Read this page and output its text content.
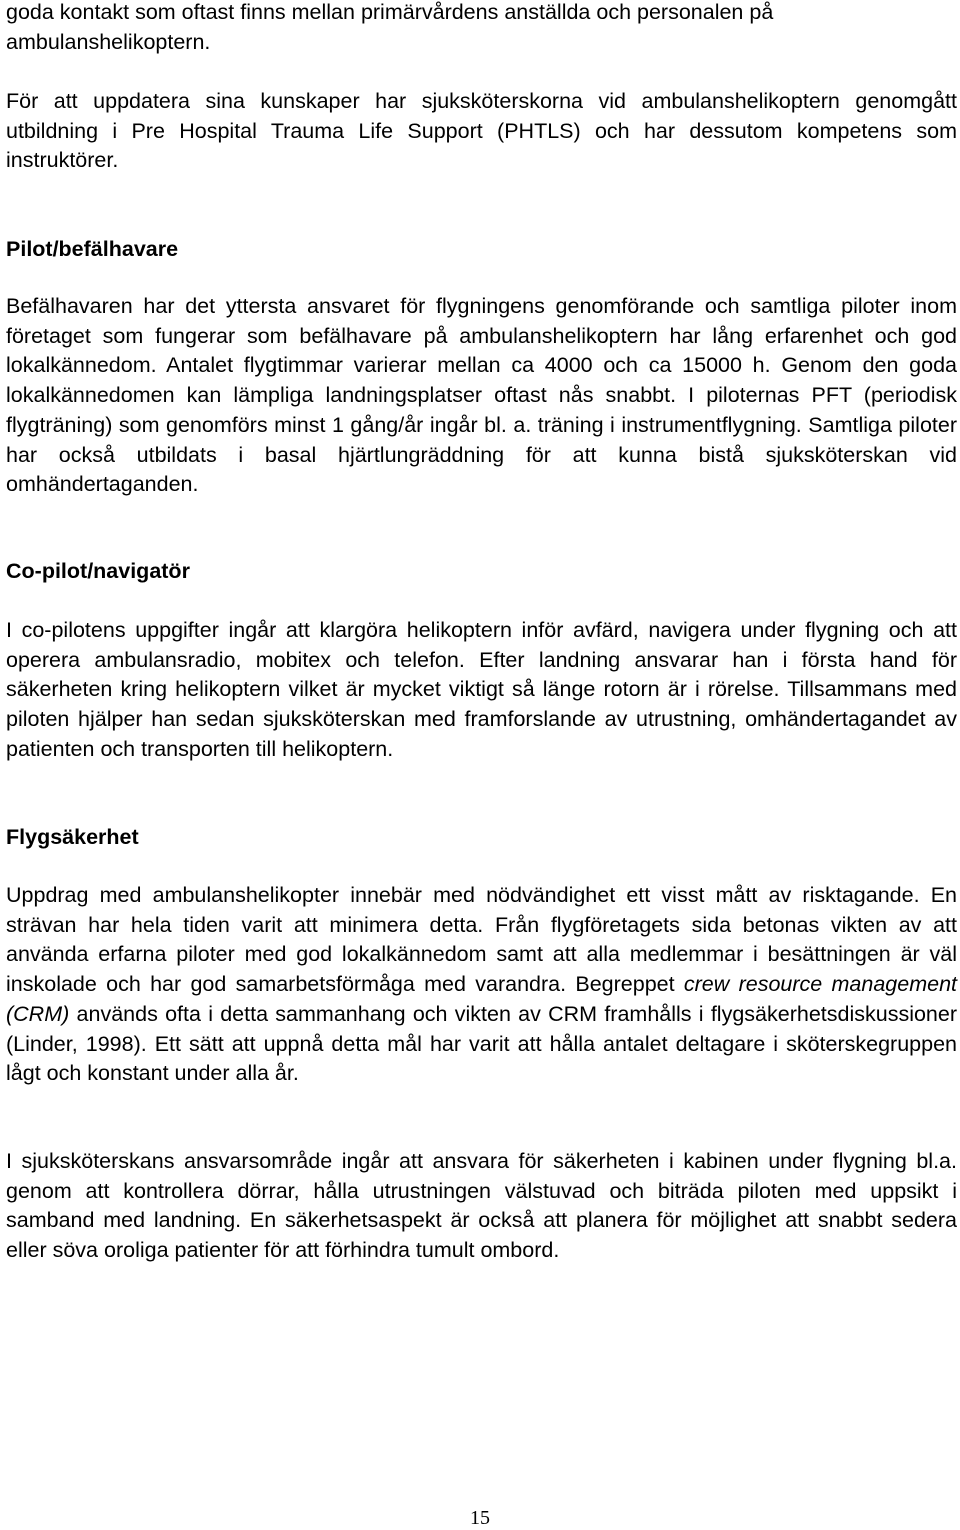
goda kontakt som oftast finns mellan primärvårdens anställda och personalen på
ambulanshelikoptern.

För att uppdatera sina kunskaper har sjuksköterskorna vid ambulanshelikoptern genomgått utbildning i Pre Hospital Trauma Life Support (PHTLS) och har dessutom kompetens som instruktörer.

Pilot/befälhavare

Befälhavaren har det yttersta ansvaret för flygningens genomförande och samtliga piloter inom företaget som fungerar som befälhavare på ambulanshelikoptern har lång erfarenhet och god lokalkännedom. Antalet flygtimmar varierar mellan ca 4000 och ca 15000 h. Genom den goda lokalkännedomen kan lämpliga landningsplatser oftast nås snabbt. I piloternas PFT (periodisk flygträning) som genomförs minst 1 gång/år ingår bl. a. träning i instrumentflygning. Samtliga piloter har också utbildats i basal hjärtlungräddning för att kunna bistå sjuksköterskan vid omhändertaganden.

Co-pilot/navigatör

I co-pilotens uppgifter ingår att klargöra helikoptern inför avfärd, navigera under flygning och att operera ambulansradio, mobitex och telefon. Efter landning ansvarar han i första hand för säkerheten kring helikoptern vilket är mycket viktigt så länge rotorn är i rörelse. Tillsammans med piloten hjälper han sedan sjuksköterskan med framforslande av utrustning, omhändertagandet av patienten och transporten till helikoptern.

Flygsäkerhet

Uppdrag med ambulanshelikopter innebär med nödvändighet ett visst mått av risktagande. En strävan har hela tiden varit att minimera detta. Från flygföretagets sida betonas vikten av att använda erfarna piloter med god lokalkännedom samt att alla medlemmar i besättningen är väl inskolade och har god samarbetsförmåga med varandra. Begreppet crew resource management (CRM) används ofta i detta sammanhang och vikten av CRM framhålls i flygsäkerhetsdiskussioner (Linder, 1998). Ett sätt att uppnå detta mål har varit att hålla antalet deltagare i sköterskegruppen lågt och konstant under alla år.

I sjuksköterskans ansvarsområde ingår att ansvara för säkerheten i kabinen under flygning bl.a. genom att kontrollera dörrar, hålla utrustningen välstuvad och biträda piloten med uppsikt i samband med landning. En säkerhetsaspekt är också att planera för möjlighet att snabbt sedera eller söva oroliga patienter för att förhindra tumult ombord.

15
